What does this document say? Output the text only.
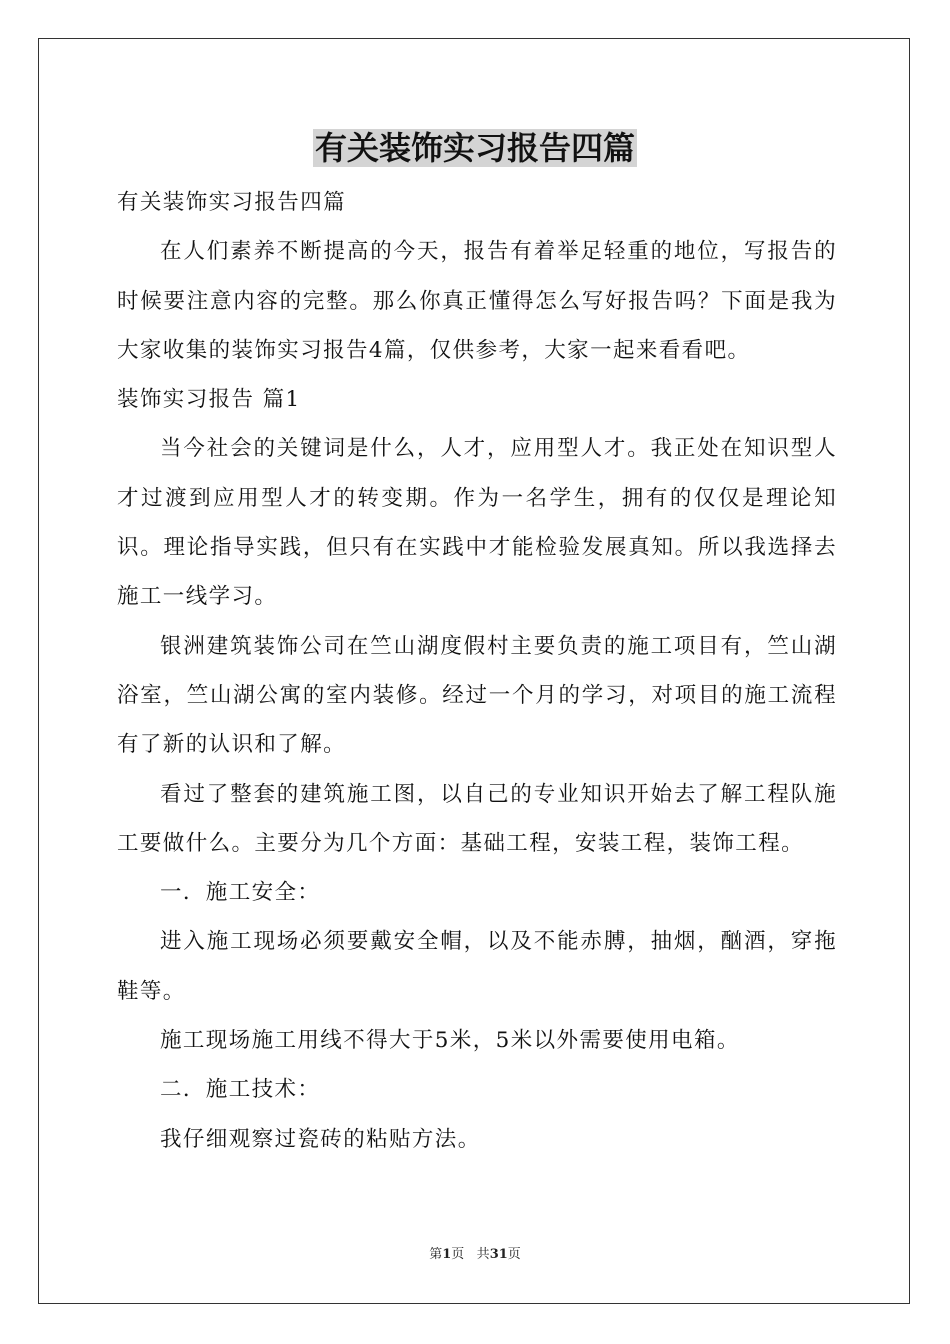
有关装饰实习报告四篇

有关装饰实习报告四篇

在人们素养不断提高的今天，报告有着举足轻重的地位，写报告的时候要注意内容的完整。那么你真正懂得怎么写好报告吗？下面是我为大家收集的装饰实习报告4篇，仅供参考，大家一起来看看吧。

装饰实习报告 篇1

当今社会的关键词是什么，人才，应用型人才。我正处在知识型人才过渡到应用型人才的转变期。作为一名学生，拥有的仅仅是理论知识。理论指导实践，但只有在实践中才能检验发展真知。所以我选择去施工一线学习。

银洲建筑装饰公司在竺山湖度假村主要负责的施工项目有，竺山湖浴室，竺山湖公寓的室内装修。经过一个月的学习，对项目的施工流程有了新的认识和了解。

看过了整套的建筑施工图，以自己的专业知识开始去了解工程队施工要做什么。主要分为几个方面：基础工程，安装工程，装饰工程。

一．施工安全：

进入施工现场必须要戴安全帽，以及不能赤膊，抽烟，酗酒，穿拖鞋等。

施工现场施工用线不得大于5米，5米以外需要使用电箱。

二．施工技术：

我仔细观察过瓷砖的粘贴方法。

第1页 共31页
